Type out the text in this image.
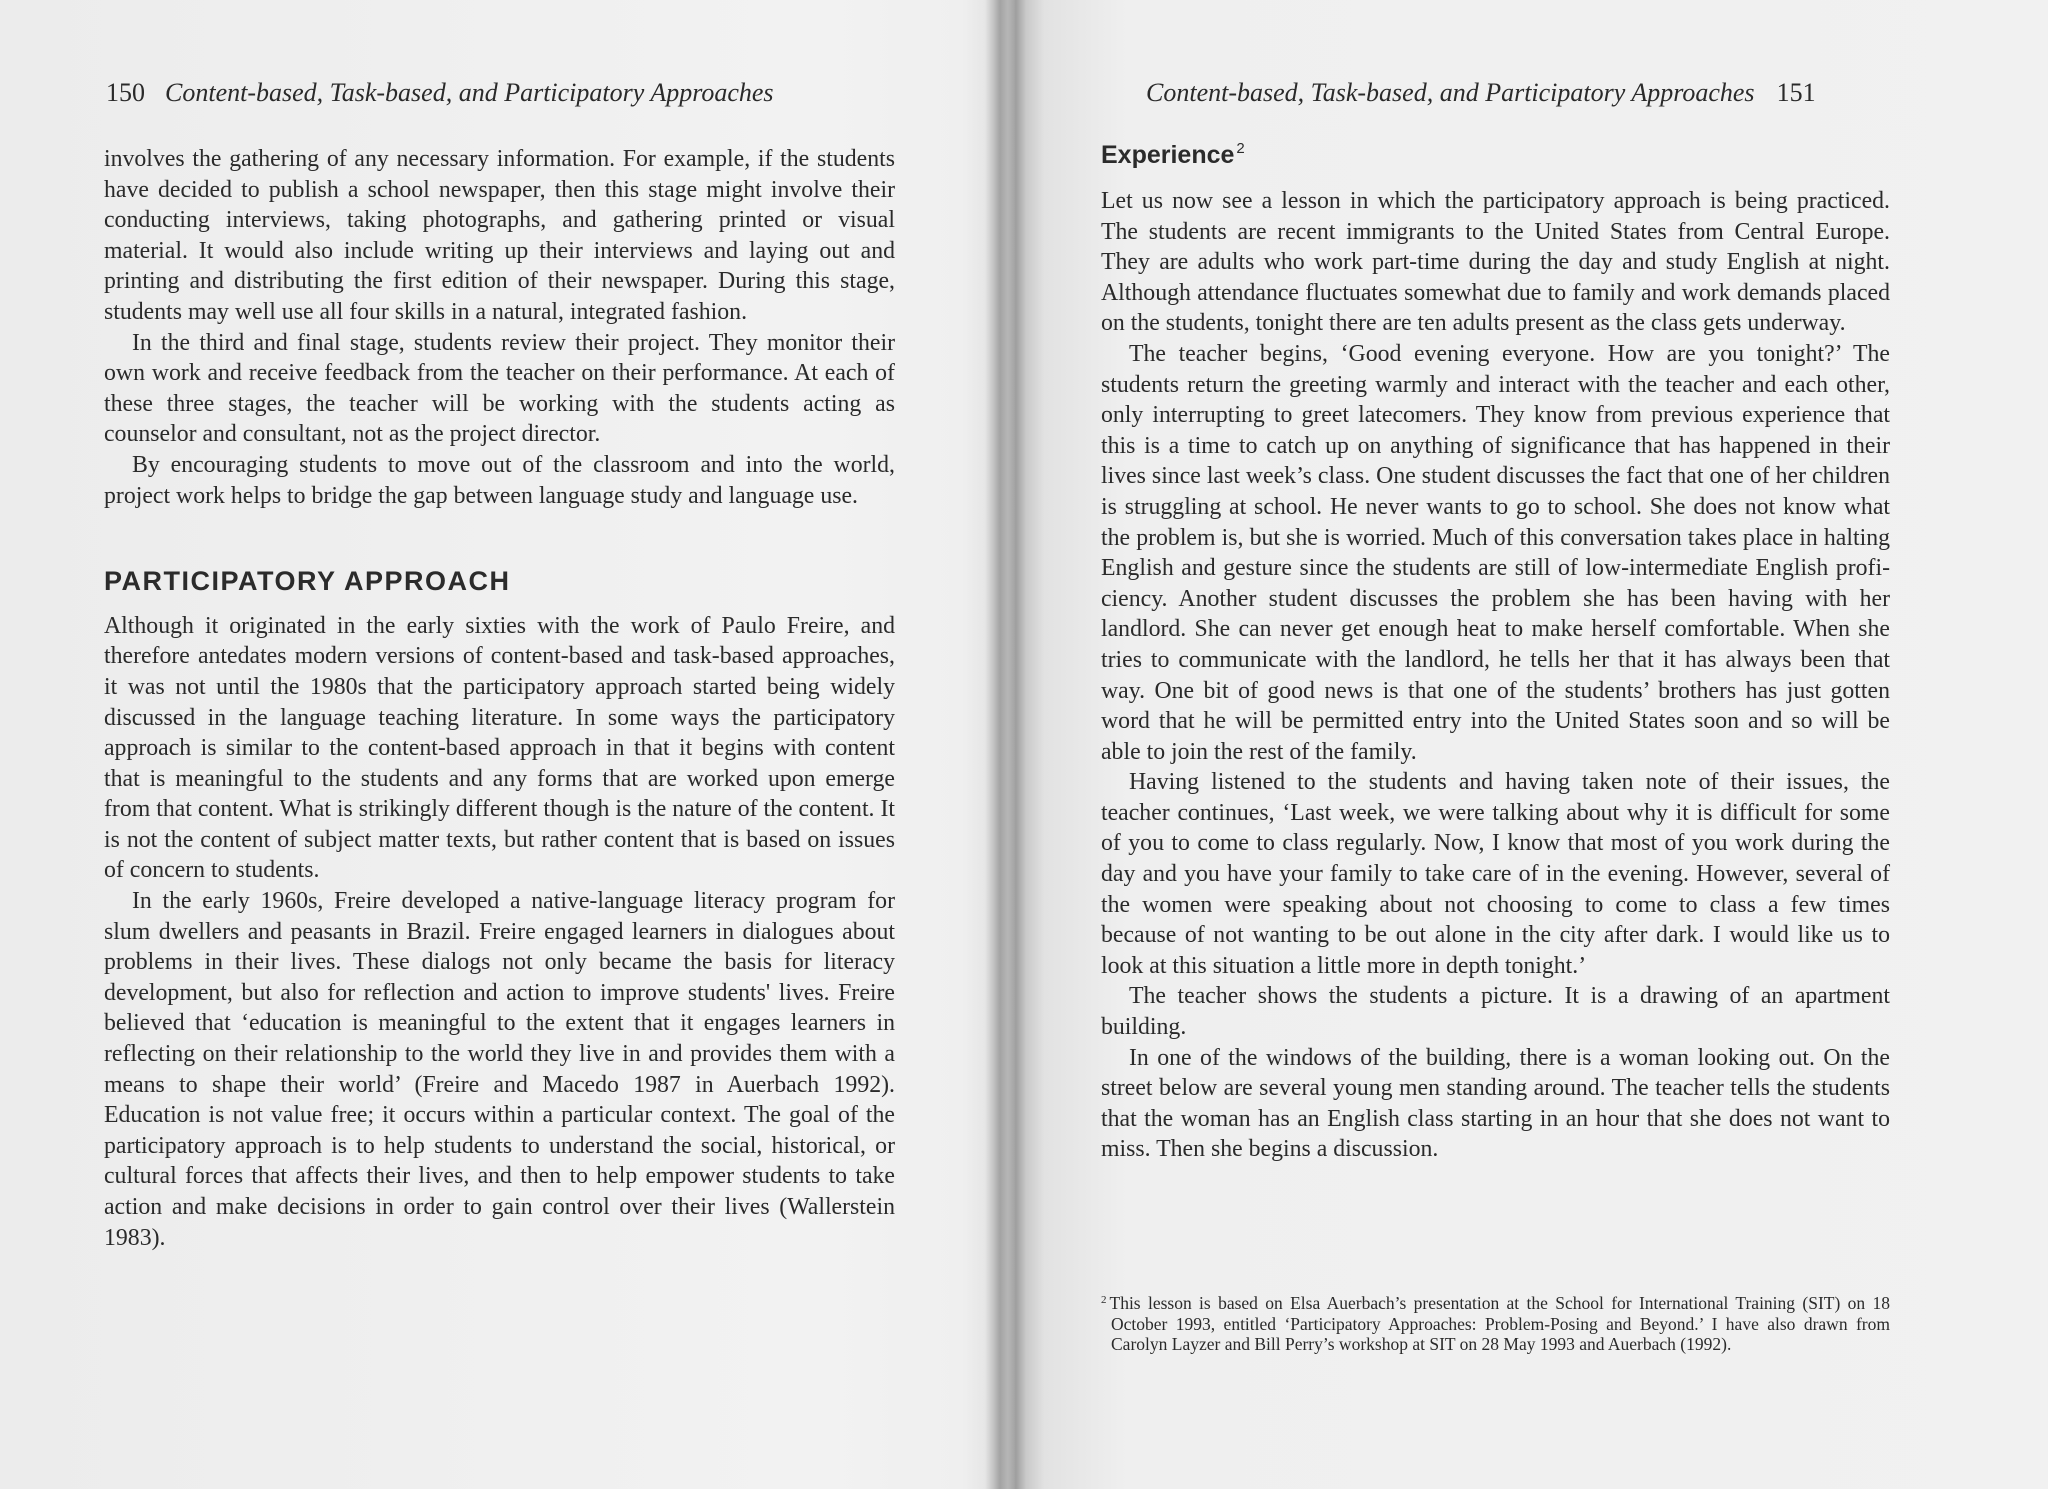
150 Content-based, Task-based, and Participatory Approaches

involves the gathering of any necessary information. For example, if the students have decided to publish a school newspaper, then this stage might involve their conducting interviews, taking photographs, and gathering printed or visual material. It would also include writing up their interviews and laying out and printing and distributing the first edition of their newspaper. During this stage, students may well use all four skills in a natural, integrated fashion.

In the third and final stage, students review their project. They monitor their own work and receive feedback from the teacher on their performance. At each of these three stages, the teacher will be working with the students acting as counselor and consultant, not as the project director.

By encouraging students to move out of the classroom and into the world, project work helps to bridge the gap between language study and language use.

PARTICIPATORY APPROACH

Although it originated in the early sixties with the work of Paulo Freire, and therefore antedates modern versions of content-based and task-based approaches, it was not until the 1980s that the participatory approach started being widely discussed in the language teaching literature. In some ways the participatory approach is similar to the content-based approach in that it begins with content that is meaningful to the students and any forms that are worked upon emerge from that content. What is strikingly different though is the nature of the content. It is not the content of subject matter texts, but rather content that is based on issues of concern to students.

In the early 1960s, Freire developed a native-language literacy program for slum dwellers and peasants in Brazil. Freire engaged learners in dialogues about problems in their lives. These dialogs not only became the basis for literacy development, but also for reflection and action to improve students' lives. Freire believed that ‘education is meaningful to the extent that it engages learners in reflecting on their relationship to the world they live in and provides them with a means to shape their world’ (Freire and Macedo 1987 in Auerbach 1992). Education is not value free; it occurs within a particular context. The goal of the participatory approach is to help students to understand the social, historical, or cultural forces that affects their lives, and then to help empower students to take action and make decisions in order to gain control over their lives (Wallerstein 1983).

Content-based, Task-based, and Participatory Approaches 151
Experience $^2$

Let us now see a lesson in which the participatory approach is being practiced. The students are recent immigrants to the United States from Central Europe. They are adults who work part-time during the day and study English at night. Although attendance fluctuates somewhat due to family and work demands placed on the students, tonight there are ten adults present as the class gets underway.

The teacher begins, ‘Good evening everyone. How are you tonight?’ The students return the greeting warmly and interact with the teacher and each other, only interrupting to greet latecomers. They know from previous experience that this is a time to catch up on anything of significance that has happened in their lives since last week’s class. One student discusses the fact that one of her children is struggling at school. He never wants to go to school. She does not know what the problem is, but she is worried. Much of this conversation takes place in halting English and gesture since the students are still of low-intermediate English proficiency. Another student discusses the problem she has been having with her landlord. She can never get enough heat to make herself comfortable. When she tries to communicate with the landlord, he tells her that it has always been that way. One bit of good news is that one of the students’ brothers has just gotten word that he will be permitted entry into the United States soon and so will be able to join the rest of the family.

Having listened to the students and having taken note of their issues, the teacher continues, ‘Last week, we were talking about why it is difficult for some of you to come to class regularly. Now, I know that most of you work during the day and you have your family to take care of in the evening. However, several of the women were speaking about not choosing to come to class a few times because of not wanting to be out alone in the city after dark. I would like us to look at this situation a little more in depth tonight.’

The teacher shows the students a picture. It is a drawing of an apartment building.

In one of the windows of the building, there is a woman looking out. On the street below are several young men standing around. The teacher tells the students that the woman has an English class starting in an hour that she does not want to miss. Then she begins a discussion.

$^2$ This lesson is based on Elsa Auerbach’s presentation at the School for International Training (SIT) on 18 October 1993, entitled ‘Participatory Approaches: Problem-Posing and Beyond.’ I have also drawn from Carolyn Layzer and Bill Perry’s workshop at SIT on 28 May 1993 and Auerbach (1992).
